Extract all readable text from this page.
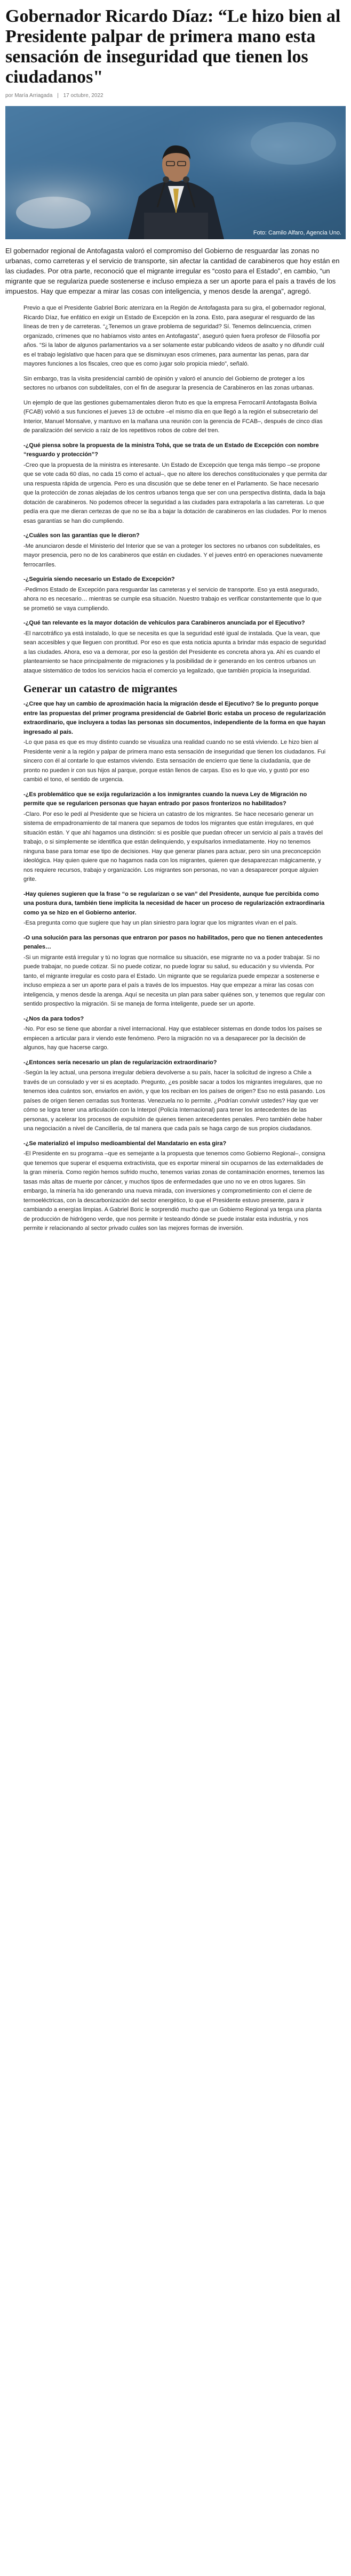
Gobernador Ricardo Díaz: “Le hizo bien al Presidente palpar de primera mano esta sensación de inseguridad que tienen los ciudadanos"
por María Arriagada | 17 octubre, 2022
Foto: Camilo Alfaro, Agencia Uno.

El gobernador regional de Antofagasta valoró el compromiso del Gobierno de resguardar las zonas no urbanas, como carreteras y el servicio de transporte, sin afectar la cantidad de carabineros que hoy están en las ciudades. Por otra parte, reconoció que el migrante irregular es “costo para el Estado”, en cambio, “un migrante que se regulariza puede sostenerse e incluso empieza a ser un aporte para el país a través de los impuestos. Hay que empezar a mirar las cosas con inteligencia, y menos desde la arenga”, agregó.

Previo a que el Presidente Gabriel Boric aterrizara en la Región de Antofagasta para su gira, el gobernador regional, Ricardo Díaz, fue enfático en exigir un Estado de Excepción en la zona. Esto, para asegurar el resguardo de las líneas de tren y de carreteras. “¿Tenemos un grave problema de seguridad? Sí. Tenemos delincuencia, crimen organizado, crímenes que no habíamos visto antes en Antofagasta”, aseguró quien fuera profesor de Filosofía por años. “Si la labor de algunos parlamentarios va a ser solamente estar publicando videos de asalto y no difundir cuál es el trabajo legislativo que hacen para que se disminuyan esos crímenes, para aumentar las penas, para dar mayores funciones a los fiscales, creo que es como jugar solo propicia miedo”, señaló.

Sin embargo, tras la visita presidencial cambió de opinión y valoró el anuncio del Gobierno de proteger a los sectores no urbanos con subdelitales, con el fin de asegurar la presencia de Carabineros en las zonas urbanas.

Un ejemplo de que las gestiones gubernamentales dieron fruto es que la empresa Ferrocarril Antofagasta Bolivia (FCAB) volvió a sus funciones el jueves 13 de octubre –el mismo día en que llegó a la región el subsecretario del Interior, Manuel Monsalve, y mantuvo en la mañana una reunión con la gerencia de FCAB–, después de cinco días de paralización del servicio a raíz de los repetitivos robos de cobre del tren.

-¿Qué piensa sobre la propuesta de la ministra Tohá, que se trata de un Estado de Excepción con nombre “resguardo y protección”?

-Creo que la propuesta de la ministra es interesante. Un Estado de Excepción que tenga más tiempo –se propone que se vote cada 60 días, no cada 15 como el actual–, que no altere los derechos constitucionales y que permita dar una respuesta rápida de urgencia. Pero es una discusión que se debe tener en el Parlamento. Se hace necesario que la protección de zonas alejadas de los centros urbanos tenga que ser con una perspectiva distinta, dada la baja dotación de carabineros. No podemos ofrecer la seguridad a las ciudades para extrapolarla a las carreteras. Lo que pedía era que me dieran certezas de que no se iba a bajar la dotación de carabineros en las ciudades. Por lo menos esas garantías se han dio cumpliendo.

-¿Cuáles son las garantías que le dieron?

-Me anunciaron desde el Ministerio del Interior que se van a proteger los sectores no urbanos con subdelitales, es mayor presencia, pero no de los carabineros que están en ciudades. Y el jueves entró en operaciones nuevamente ferrocarriles.

-¿Seguiría siendo necesario un Estado de Excepción?

-Pedimos Estado de Excepción para resguardar las carreteras y el servicio de transporte. Eso ya está asegurado, ahora no es necesario… mientras se cumple esa situación. Nuestro trabajo es verificar constantemente que lo que se prometió se vaya cumpliendo.

-¿Qué tan relevante es la mayor dotación de vehículos para Carabineros anunciada por el Ejecutivo?

-El narcotráfico ya está instalado, lo que se necesita es que la seguridad esté igual de instalada. Que la vean, que sean accesibles y que lleguen con prontitud. Por eso es que esta noticia apunta a brindar más espacio de seguridad a las ciudades. Ahora, eso va a demorar, por eso la gestión del Presidente es concreta ahora ya. Ahí es cuando el planteamiento se hace principalmente de migraciones y la posibilidad de ir generando en los centros urbanos un ataque sistemático de todos los servicios hacia el comercio ya legalizado, que también propicia la inseguridad.

Generar un catastro de migrantes

-¿Cree que hay un cambio de aproximación hacia la migración desde el Ejecutivo? Se lo pregunto porque entre las propuestas del primer programa presidencial de Gabriel Boric estaba un proceso de regularización extraordinario, que incluyera a todas las personas sin documentos, independiente de la forma en que hayan ingresado al país.

-Lo que pasa es que es muy distinto cuando se visualiza una realidad cuando no se está viviendo. Le hizo bien al Presidente venir a la región y palpar de primera mano esta sensación de inseguridad que tienen los ciudadanos. Fui sincero con él al contarle lo que estamos viviendo. Esta sensación de encierro que tiene la ciudadanía, que de pronto no pueden ir con sus hijos al parque, porque están llenos de carpas. Eso es lo que vio, y gustó por eso cambió el tono, el sentido de urgencia.

-¿Es problemático que se exija regularización a los inmigrantes cuando la nueva Ley de Migración no permite que se regularicen personas que hayan entrado por pasos fronterizos no habilitados?

-Claro. Por eso le pedí al Presidente que se hiciera un catastro de los migrantes. Se hace necesario generar un sistema de empadronamiento de tal manera que sepamos de todos los migrantes que están irregulares, en qué situación están. Y que ahí hagamos una distinción: si es posible que puedan ofrecer un servicio al país a través del trabajo, o si simplemente se identifica que están delinquiendo, y expulsarlos inmediatamente. Hoy no tenemos ninguna base para tomar ese tipo de decisiones. Hay que generar planes para actuar, pero sin una preconcepción ideológica. Hay quien quiere que no hagamos nada con los migrantes, quieren que desaparezcan mágicamente, y nos requiere recursos, trabajo y organización. Los migrantes son personas, no van a desaparecer porque alguien grite.

-Hay quienes sugieren que la frase “o se regularizan o se van” del Presidente, aunque fue percibida como una postura dura, también tiene implícita la necesidad de hacer un proceso de regularización extraordinaria como ya se hizo en el Gobierno anterior.

-Esa pregunta como que sugiere que hay un plan siniestro para lograr que los migrantes vivan en el país.

-O una solución para las personas que entraron por pasos no habilitados, pero que no tienen antecedentes penales…

-Si un migrante está irregular y tú no logras que normalice su situación, ese migrante no va a poder trabajar. Si no puede trabajar, no puede cotizar. Si no puede cotizar, no puede lograr su salud, su educación y su vivienda. Por tanto, el migrante irregular es costo para el Estado. Un migrante que se regulariza puede empezar a sostenerse e incluso empieza a ser un aporte para el país a través de los impuestos. Hay que empezar a mirar las cosas con inteligencia, y menos desde la arenga. Aquí se necesita un plan para saber quiénes son, y tenemos que regular con sentido prospectivo la migración. Si se maneja de forma inteligente, puede ser un aporte.

-¿Nos da para todos?

-No. Por eso se tiene que abordar a nivel internacional. Hay que establecer sistemas en donde todos los países se empiecen a articular para ir viendo este fenómeno. Pero la migración no va a desaparecer por la decisión de algunos, hay que hacerse cargo.

-¿Entonces sería necesario un plan de regularización extraordinario?

-Según la ley actual, una persona irregular debiera devolverse a su país, hacer la solicitud de ingreso a Chile a través de un consulado y ver si es aceptado. Pregunto, ¿es posible sacar a todos los migrantes irregulares, que no tenemos idea cuántos son, enviarlos en avión, y que los reciban en los países de origen? Eso no está pasando. Los países de origen tienen cerradas sus fronteras. Venezuela no lo permite. ¿Podrían convivir ustedes? Hay que ver cómo se logra tener una articulación con la Interpol (Policía Internacional) para tener los antecedentes de las personas, y acelerar los procesos de expulsión de quienes tienen antecedentes penales. Pero también debe haber una negociación a nivel de Cancillería, de tal manera que cada país se haga cargo de sus propios ciudadanos.

-¿Se materializó el impulso medioambiental del Mandatario en esta gira?

-El Presidente en su programa –que es semejante a la propuesta que tenemos como Gobierno Regional–, consigna que tenemos que superar el esquema extractivista, que es exportar mineral sin ocuparnos de las externalidades de la gran minería. Como región hemos sufrido mucho, tenemos varias zonas de contaminación enormes, tenemos las tasas más altas de muerte por cáncer, y muchos tipos de enfermedades que uno no ve en otros lugares. Sin embargo, la minería ha ido generando una nueva mirada, con inversiones y comprometimiento con el cierre de termoeléctricas, con la descarbonización del sector energético, lo que el Presidente estuvo presente, para ir cambiando a energías limpias. A Gabriel Boric le sorprendió mucho que un Gobierno Regional ya tenga una planta de producción de hidrógeno verde, que nos permite ir testeando dónde se puede instalar esta industria, y nos permite ir relacionando al sector privado cuáles son las mejores formas de inversión.
